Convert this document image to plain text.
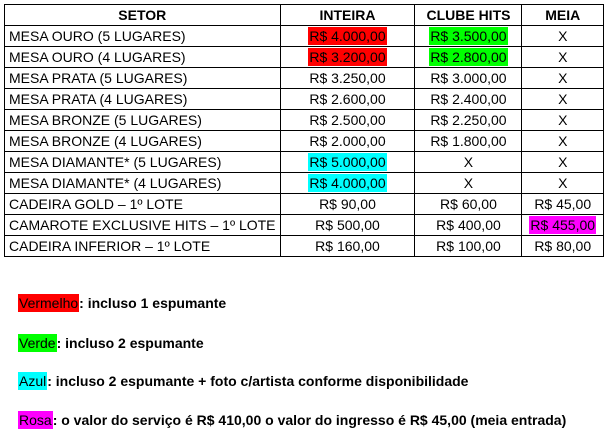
SETOR	INTEIRA	CLUBE HITS	MEIA
MESA OURO (5 LUGARES)	R$ 4.000,00	R$ 3.500,00	X
MESA OURO (4 LUGARES)	R$ 3.200,00	R$ 2.800,00	X
MESA PRATA (5 LUGARES)	R$ 3.250,00	R$ 3.000,00	X
MESA PRATA (4 LUGARES)	R$ 2.600,00	R$ 2.400,00	X
MESA BRONZE (5 LUGARES)	R$ 2.500,00	R$ 2.250,00	X
MESA BRONZE (4 LUGARES)	R$ 2.000,00	R$ 1.800,00	X
MESA DIAMANTE* (5 LUGARES)	R$ 5.000,00	X	X
MESA DIAMANTE* (4 LUGARES)	R$ 4.000,00	X	X
CADEIRA GOLD – 1º LOTE	R$ 90,00	R$ 60,00	R$ 45,00
CAMAROTE EXCLUSIVE HITS – 1º LOTE	R$ 500,00	R$ 400,00	R$ 455,00
CADEIRA INFERIOR – 1º LOTE	R$ 160,00	R$ 100,00	R$ 80,00
Vermelho: incluso 1 espumante
Verde: incluso 2 espumante
Azul: incluso 2 espumante + foto c/artista conforme disponibilidade
Rosa: o valor do serviço é R$ 410,00 o valor do ingresso é R$ 45,00 (meia entrada)
